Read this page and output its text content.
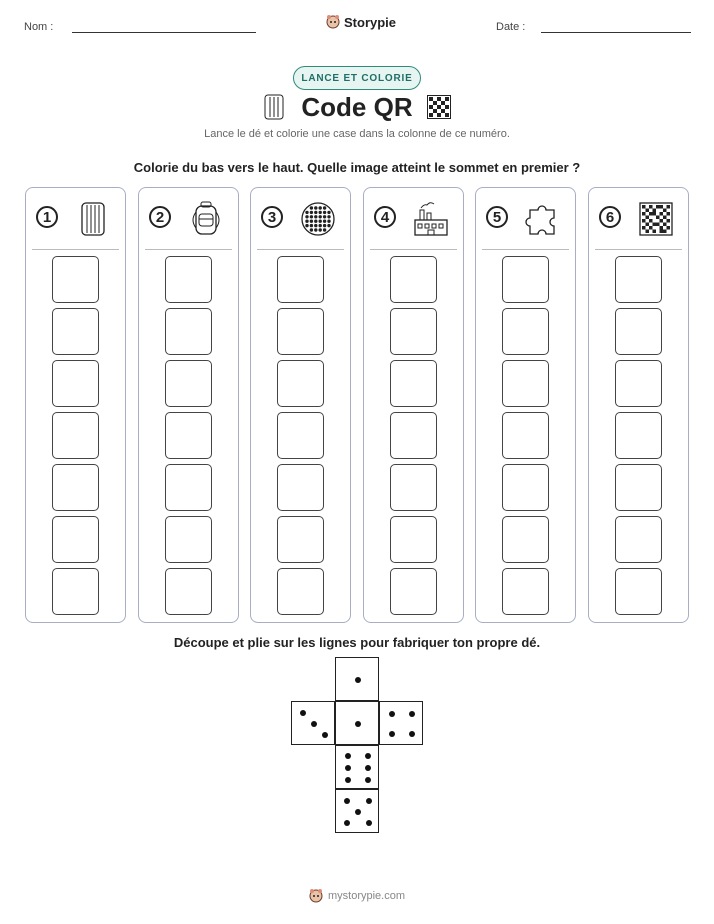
Nom :	Storypie	Date :
LANCE ET COLORIE
Code QR
Lance le dé et colorie une case dans la colonne de ce numéro.
Colorie du bas vers le haut. Quelle image atteint le sommet en premier ?
1	2	3	4	5	6
Découpe et plie sur les lignes pour fabriquer ton propre dé.
mystorypie.com
